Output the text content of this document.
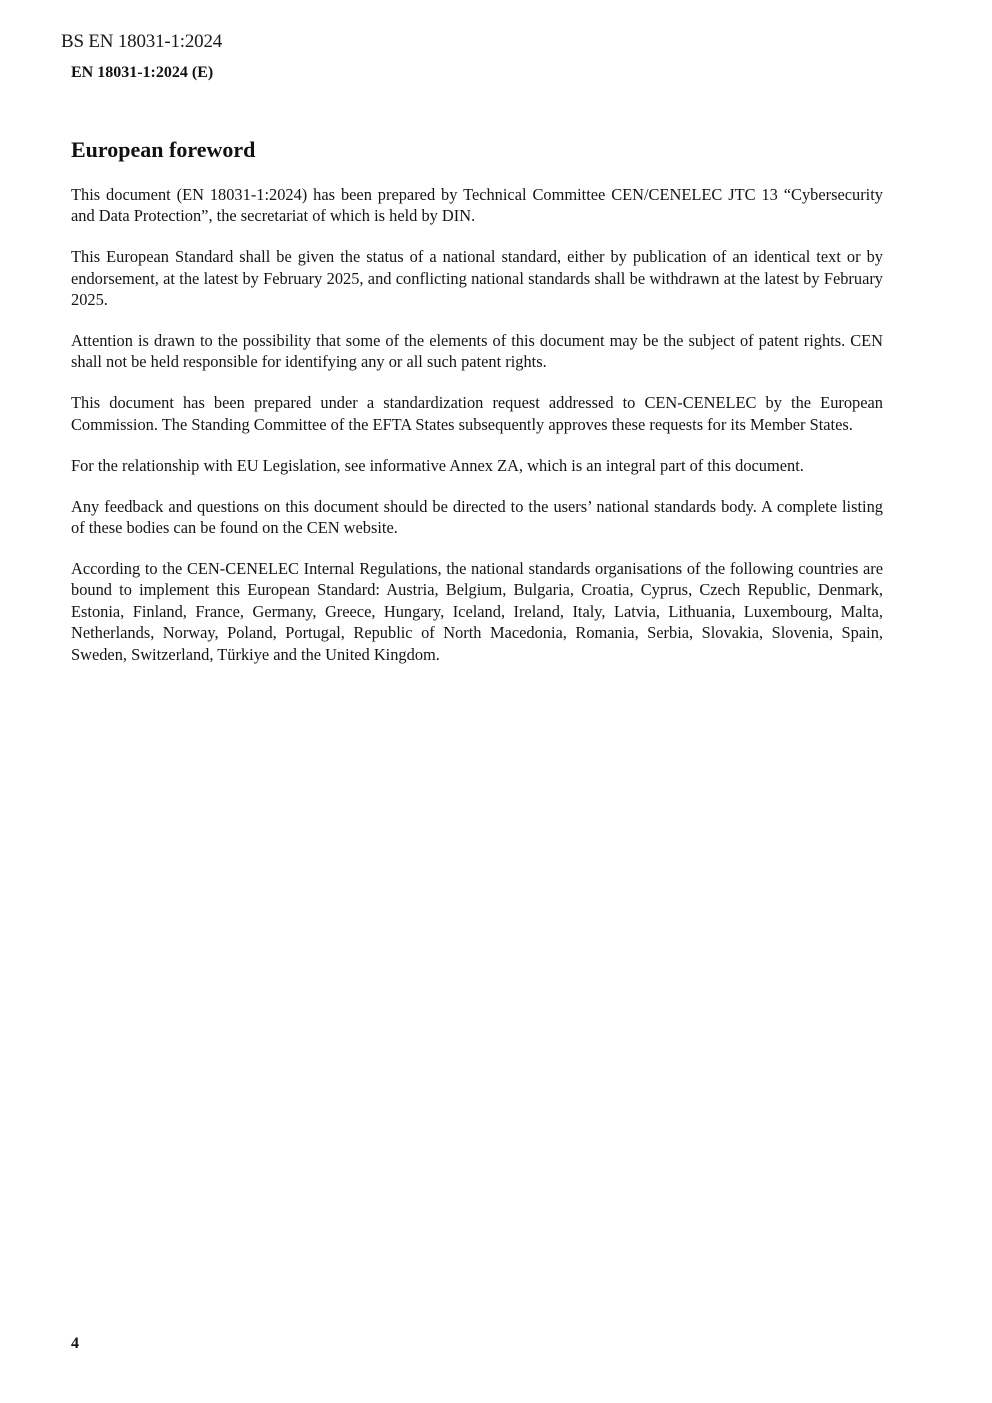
BS EN 18031-1:2024
EN 18031-1:2024 (E)
European foreword

This document (EN 18031-1:2024) has been prepared by Technical Committee CEN/CENELEC JTC 13 “Cybersecurity and Data Protection”, the secretariat of which is held by DIN.

This European Standard shall be given the status of a national standard, either by publication of an identical text or by endorsement, at the latest by February 2025, and conflicting national standards shall be withdrawn at the latest by February 2025.

Attention is drawn to the possibility that some of the elements of this document may be the subject of patent rights. CEN shall not be held responsible for identifying any or all such patent rights.

This document has been prepared under a standardization request addressed to CEN-CENELEC by the European Commission. The Standing Committee of the EFTA States subsequently approves these requests for its Member States.

For the relationship with EU Legislation, see informative Annex ZA, which is an integral part of this document.

Any feedback and questions on this document should be directed to the users’ national standards body. A complete listing of these bodies can be found on the CEN website.

According to the CEN-CENELEC Internal Regulations, the national standards organisations of the following countries are bound to implement this European Standard: Austria, Belgium, Bulgaria, Croatia, Cyprus, Czech Republic, Denmark, Estonia, Finland, France, Germany, Greece, Hungary, Iceland, Ireland, Italy, Latvia, Lithuania, Luxembourg, Malta, Netherlands, Norway, Poland, Portugal, Republic of North Macedonia, Romania, Serbia, Slovakia, Slovenia, Spain, Sweden, Switzerland, Türkiye and the United Kingdom.

4
